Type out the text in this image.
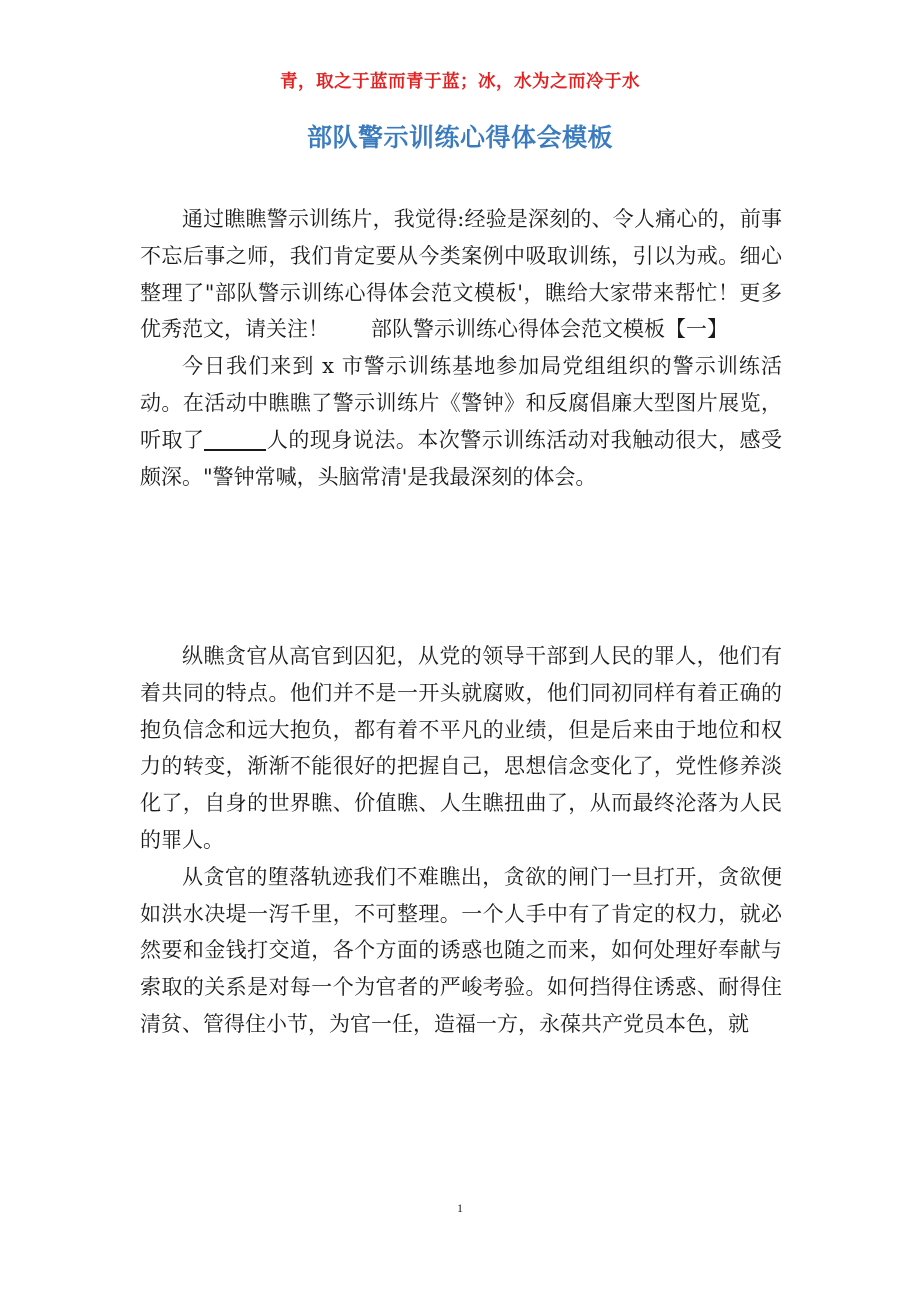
青，取之于蓝而青于蓝；冰，水为之而冷于水
部队警示训练心得体会模板

通过瞧瞧警示训练片，我觉得:经验是深刻的、令人痛心的，前事不忘后事之师，我们肯定要从今类案例中吸取训练，引以为戒。细心整理了"部队警示训练心得体会范文模板'，瞧给大家带来帮忙！更多优秀范文，请关注！　　部队警示训练心得体会范文模板【一】

今日我们来到 x 市警示训练基地参加局党组组织的警示训练活动。在活动中瞧瞧了警示训练片《警钟》和反腐倡廉大型图片展览，听取了	人的现身说法。本次警示训练活动对我触动很大，感受颇深。"警钟常喊，头脑常清'是我最深刻的体会。

纵瞧贪官从高官到囚犯，从党的领导干部到人民的罪人，他们有着共同的特点。他们并不是一开头就腐败，他们同初同样有着正确的抱负信念和远大抱负，都有着不平凡的业绩，但是后来由于地位和权力的转变，渐渐不能很好的把握自己，思想信念变化了，党性修养淡化了，自身的世界瞧、价值瞧、人生瞧扭曲了，从而最终沦落为人民的罪人。

从贪官的堕落轨迹我们不难瞧出，贪欲的闸门一旦打开，贪欲便如洪水决堤一泻千里，不可整理。一个人手中有了肯定的权力，就必然要和金钱打交道，各个方面的诱惑也随之而来，如何处理好奉献与索取的关系是对每一个为官者的严峻考验。如何挡得住诱惑、耐得住清贫、管得住小节，为官一任，造福一方，永葆共产党员本色，就

1
